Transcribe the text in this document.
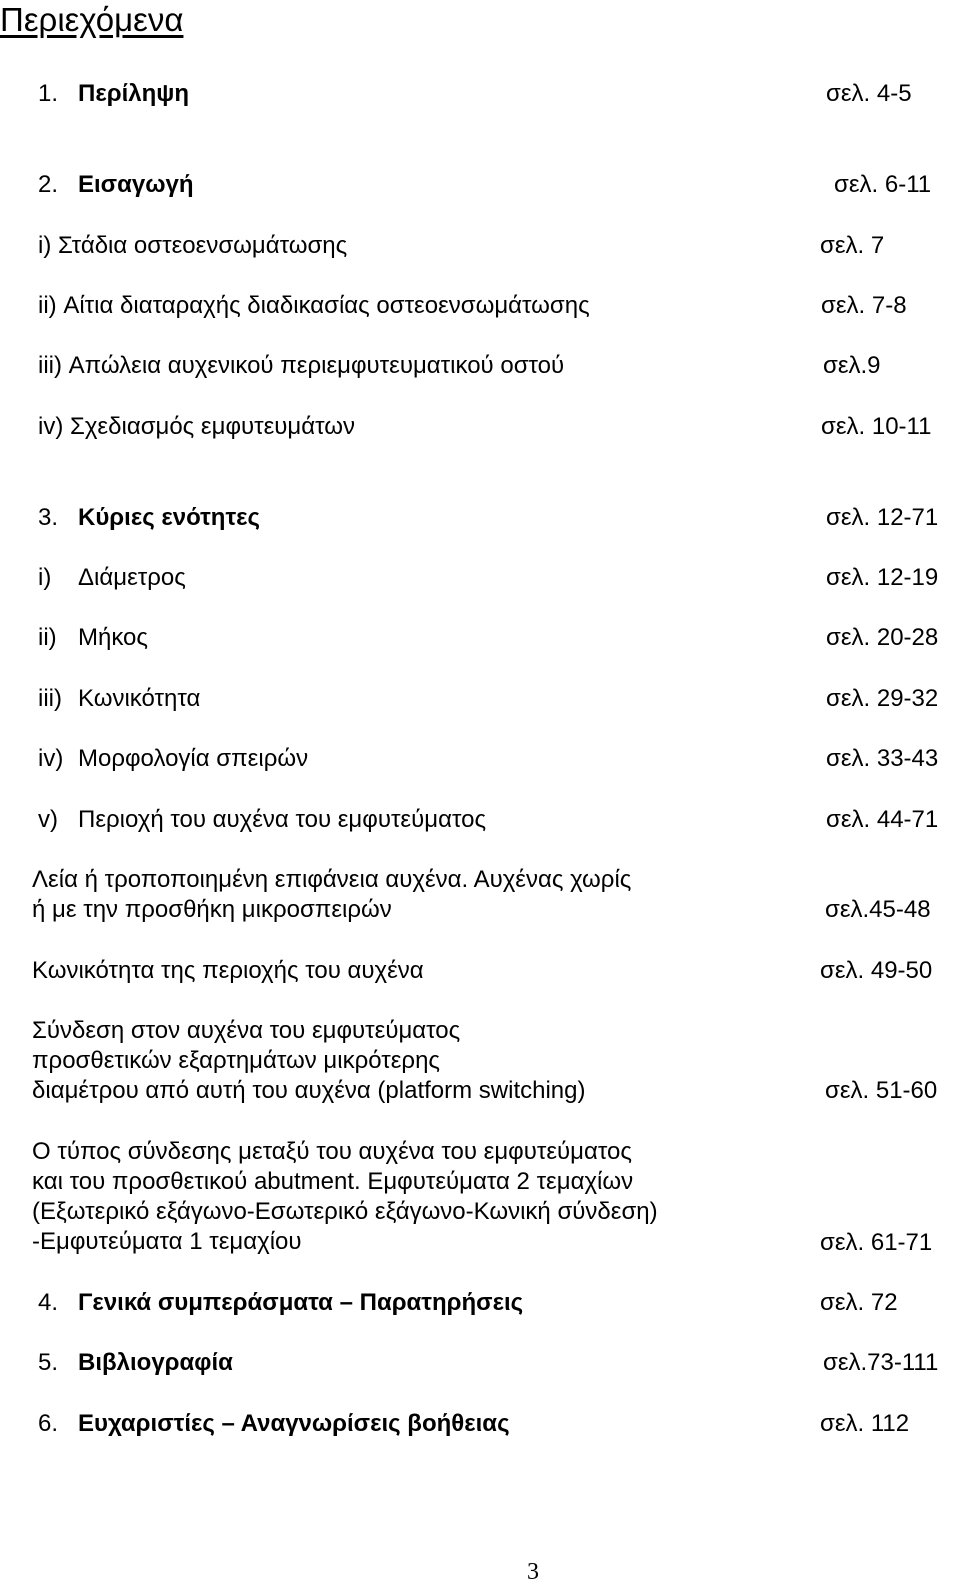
Περιεχόμενα
1. Περίληψη	σελ. 4-5
2. Εισαγωγή	σελ. 6-11
i) Στάδια οστεοενσωμάτωσης	σελ. 7
ii) Αίτια διαταραχής διαδικασίας οστεοενσωμάτωσης	σελ. 7-8
iii) Απώλεια αυχενικού περιεμφυτευματικού οστού	σελ.9
iv) Σχεδιασμός εμφυτευμάτων	σελ. 10-11
3. Κύριες ενότητες	σελ. 12-71
i) Διάμετρος	σελ. 12-19
ii) Μήκος	σελ. 20-28
iii) Κωνικότητα	σελ. 29-32
iv) Μορφολογία σπειρών	σελ. 33-43
v) Περιοχή του αυχένα του εμφυτεύματος	σελ. 44-71
Λεία ή τροποποιημένη επιφάνεια αυχένα. Αυχένας χωρίς
ή με την προσθήκη μικροσπειρών	σελ.45-48
Κωνικότητα της περιοχής του αυχένα	σελ. 49-50
Σύνδεση στον αυχένα του εμφυτεύματος
προσθετικών εξαρτημάτων μικρότερης
διαμέτρου από αυτή του αυχένα (platform switching)	σελ. 51-60
Ο τύπος σύνδεσης μεταξύ του αυχένα του εμφυτεύματος
και του προσθετικού abutment. Εμφυτεύματα 2 τεμαχίων
(Εξωτερικό εξάγωνο-Εσωτερικό εξάγωνο-Κωνική σύνδεση)
-Εμφυτεύματα 1 τεμαχίου	σελ. 61-71
4. Γενικά συμπεράσματα – Παρατηρήσεις	σελ. 72
5. Βιβλιογραφία	σελ.73-111
6. Ευχαριστίες – Αναγνωρίσεις βοήθειας	σελ. 112
3
